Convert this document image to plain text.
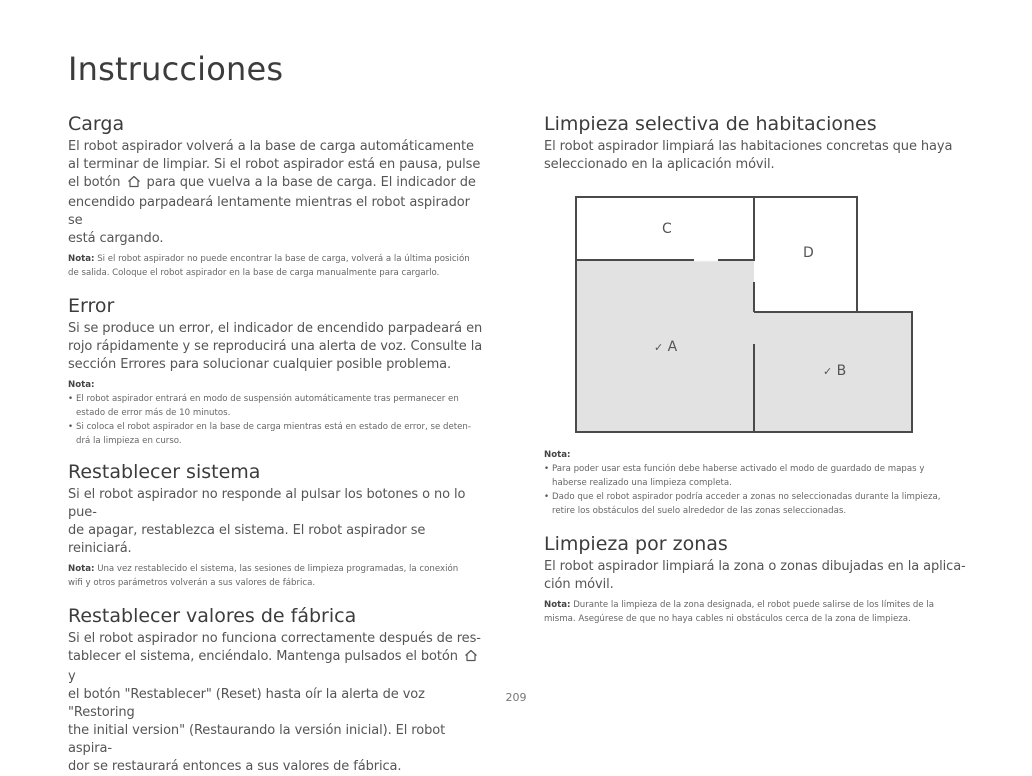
Instrucciones
Carga

El robot aspirador volverá a la base de carga automáticamente
al terminar de limpiar. Si el robot aspirador está en pausa, pulse
el botón para que vuelva a la base de carga. El indicador de
encendido parpadeará lentamente mientras el robot aspirador se
está cargando.

Nota: Si el robot aspirador no puede encontrar la base de carga, volverá a la última posición
de salida. Coloque el robot aspirador en la base de carga manualmente para cargarlo.

Error

Si se produce un error, el indicador de encendido parpadeará en
rojo rápidamente y se reproducirá una alerta de voz. Consulte la
sección Errores para solucionar cualquier posible problema.

Nota:

• El robot aspirador entrará en modo de suspensión automáticamente tras permanecer en
estado de error más de 10 minutos.
• Si coloca el robot aspirador en la base de carga mientras está en estado de error, se deten-
drá la limpieza en curso.
Restablecer sistema

Si el robot aspirador no responde al pulsar los botones o no lo pue-
de apagar, restablezca el sistema. El robot aspirador se reiniciará.

Nota: Una vez restablecido el sistema, las sesiones de limpieza programadas, la conexión
wifi y otros parámetros volverán a sus valores de fábrica.

Restablecer valores de fábrica

Si el robot aspirador no funciona correctamente después de res-
tablecer el sistema, enciéndalo. Mantenga pulsados el botón  y
el botón "Restablecer" (Reset) hasta oír la alerta de voz "Restoring
the initial version" (Restaurando la versión inicial). El robot aspira-
dor se restaurará entonces a sus valores de fábrica.

Limpieza selectiva de habitaciones

El robot aspirador limpiará las habitaciones concretas que haya
seleccionado en la aplicación móvil.

C
D
✓ A
✓ B

Nota:

• Para poder usar esta función debe haberse activado el modo de guardado de mapas y
haberse realizado una limpieza completa.
• Dado que el robot aspirador podría acceder a zonas no seleccionadas durante la limpieza,
retire los obstáculos del suelo alrededor de las zonas seleccionadas.
Limpieza por zonas

El robot aspirador limpiará la zona o zonas dibujadas en la aplica-
ción móvil.

Nota: Durante la limpieza de la zona designada, el robot puede salirse de los límites de la
misma. Asegúrese de que no haya cables ni obstáculos cerca de la zona de limpieza.

209
